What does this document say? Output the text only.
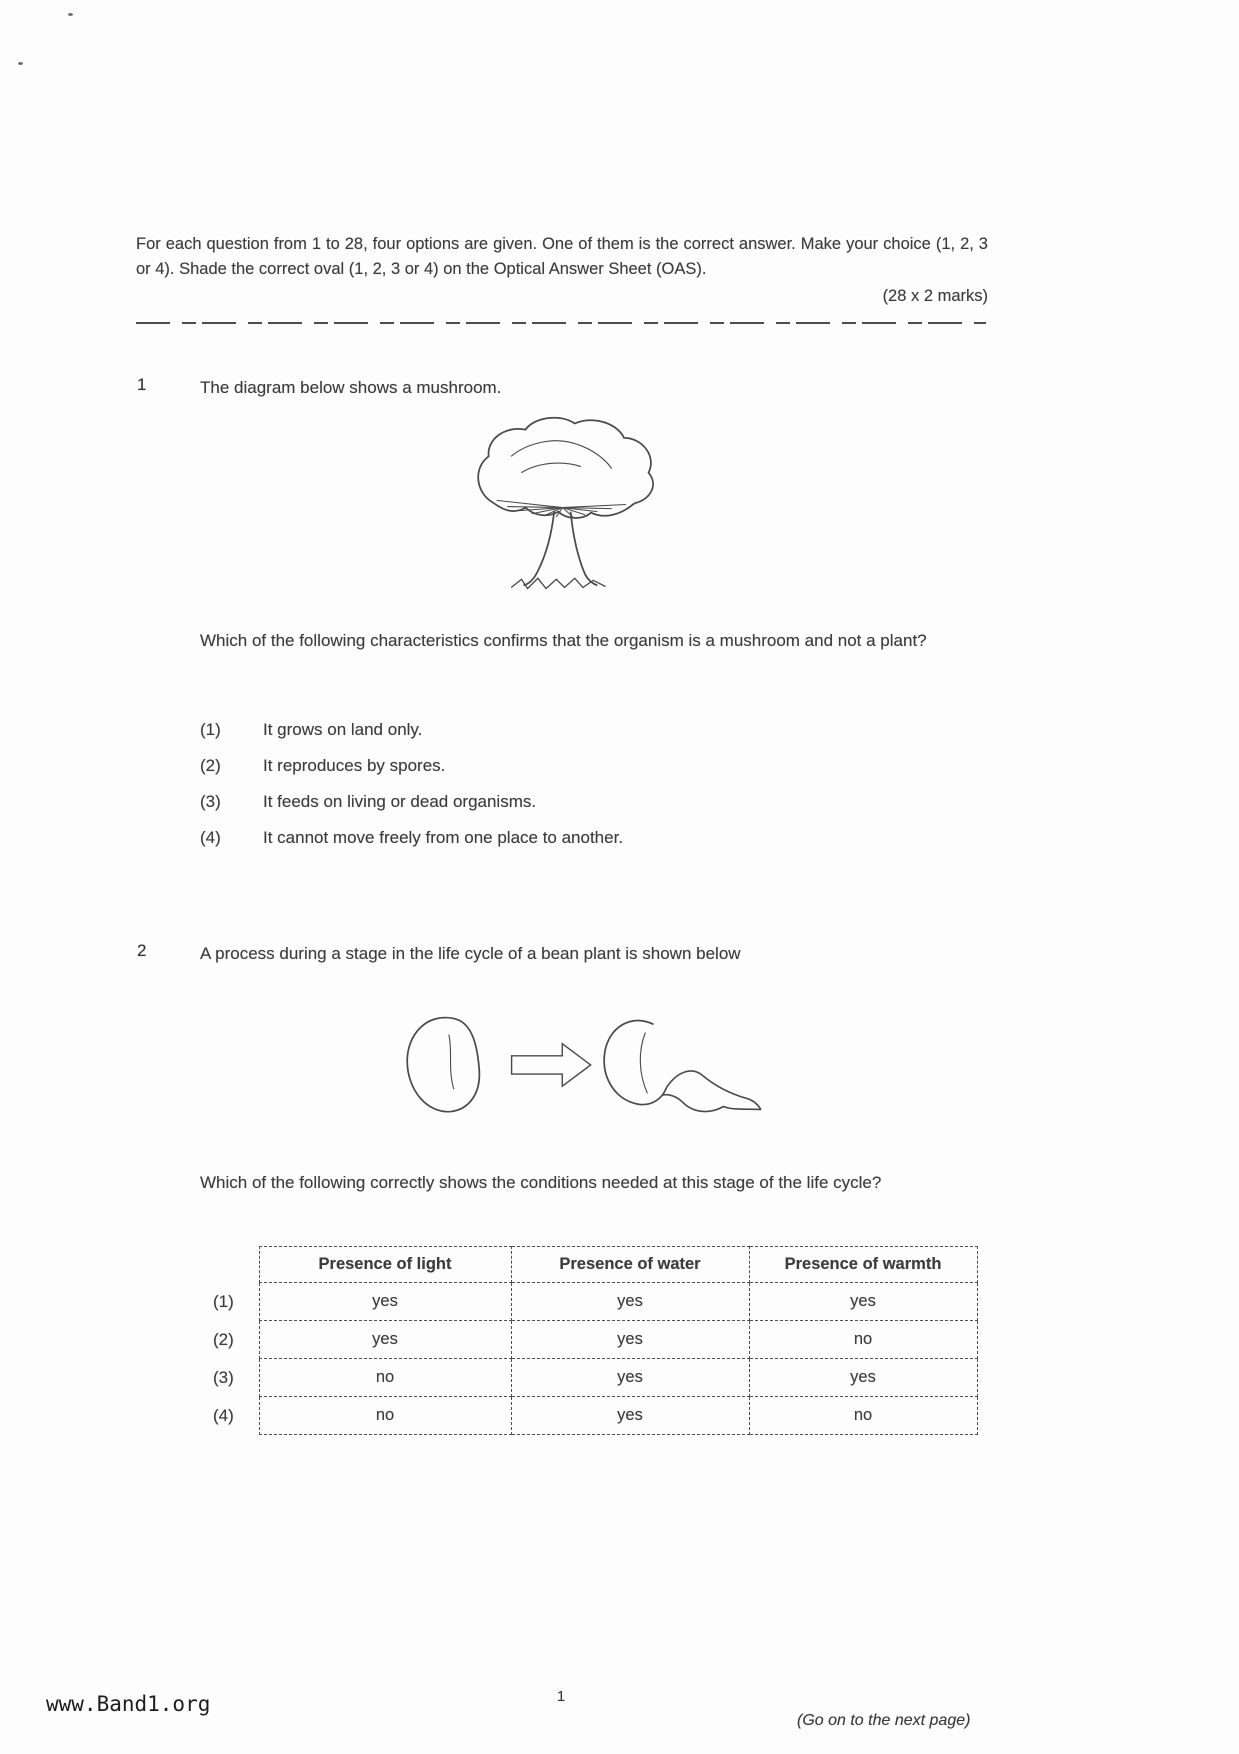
For each question from 1 to 28, four options are given. One of them is the correct answer. Make your choice (1, 2, 3 or 4). Shade the correct oval (1, 2, 3 or 4) on the Optical Answer Sheet (OAS).
(28 x 2 marks)
1	The diagram below shows a mushroom.
Which of the following characteristics confirms that the organism is a mushroom and not a plant?
(1)	It grows on land only.
(2)	It reproduces by spores.
(3)	It feeds on living or dead organisms.
(4)	It cannot move freely from one place to another.
2	A process during a stage in the life cycle of a bean plant is shown below
Which of the following correctly shows the conditions needed at this stage of the life cycle?
	Presence of light	Presence of water	Presence of warmth
(1)	yes	yes	yes
(2)	yes	yes	no
(3)	no	yes	yes
(4)	no	yes	no
www.Band1.org	1
(Go on to the next page)
